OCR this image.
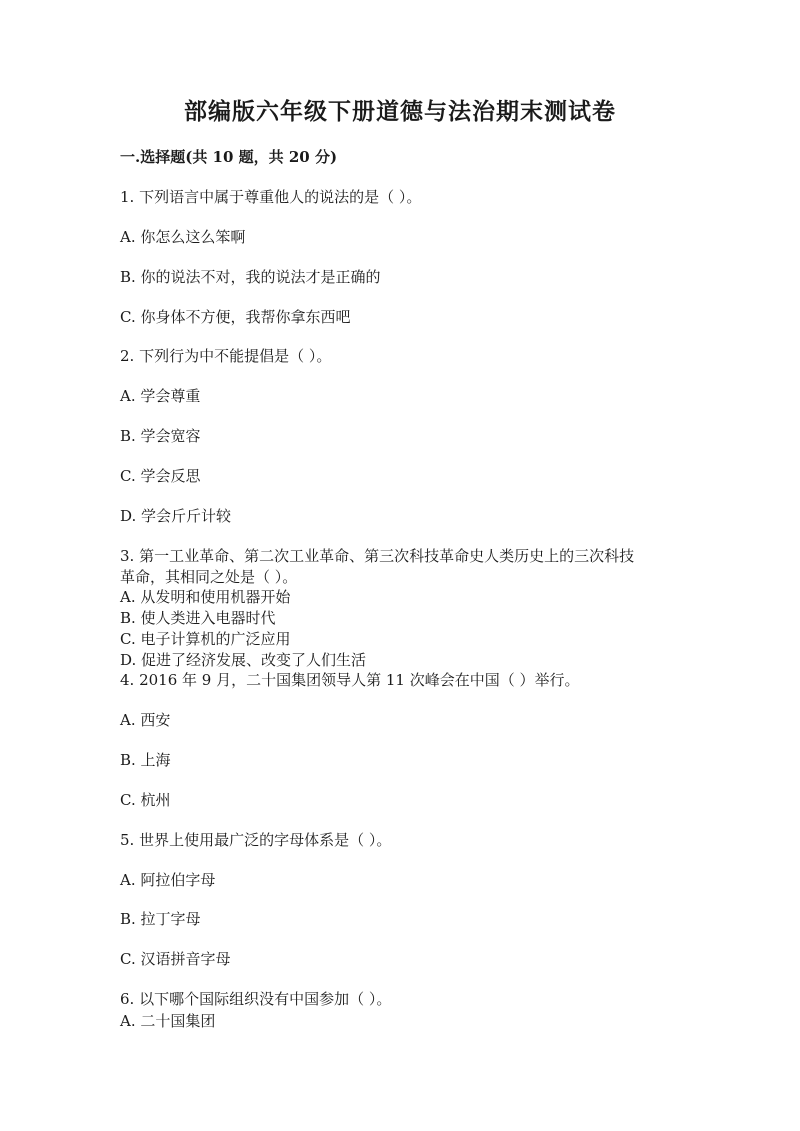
部编版六年级下册道德与法治期末测试卷
一.选择题(共 10 题，共 20 分)
1. 下列语言中属于尊重他人的说法的是（ ）。
A. 你怎么这么笨啊
B. 你的说法不对，我的说法才是正确的
C. 你身体不方便，我帮你拿东西吧
2. 下列行为中不能提倡是（ ）。
A. 学会尊重
B. 学会宽容
C. 学会反思
D. 学会斤斤计较
3. 第一工业革命、第二次工业革命、第三次科技革命史人类历史上的三次科技
革命，其相同之处是（ ）。
A. 从发明和使用机器开始
B. 使人类进入电器时代
C. 电子计算机的广泛应用
D. 促进了经济发展、改变了人们生活
4. 2016 年 9 月，二十国集团领导人第 11 次峰会在中国（ ）举行。
A. 西安
B. 上海
C. 杭州
5. 世界上使用最广泛的字母体系是（ ）。
A. 阿拉伯字母
B. 拉丁字母
C. 汉语拼音字母
6. 以下哪个国际组织没有中国参加（ ）。
A. 二十国集团
